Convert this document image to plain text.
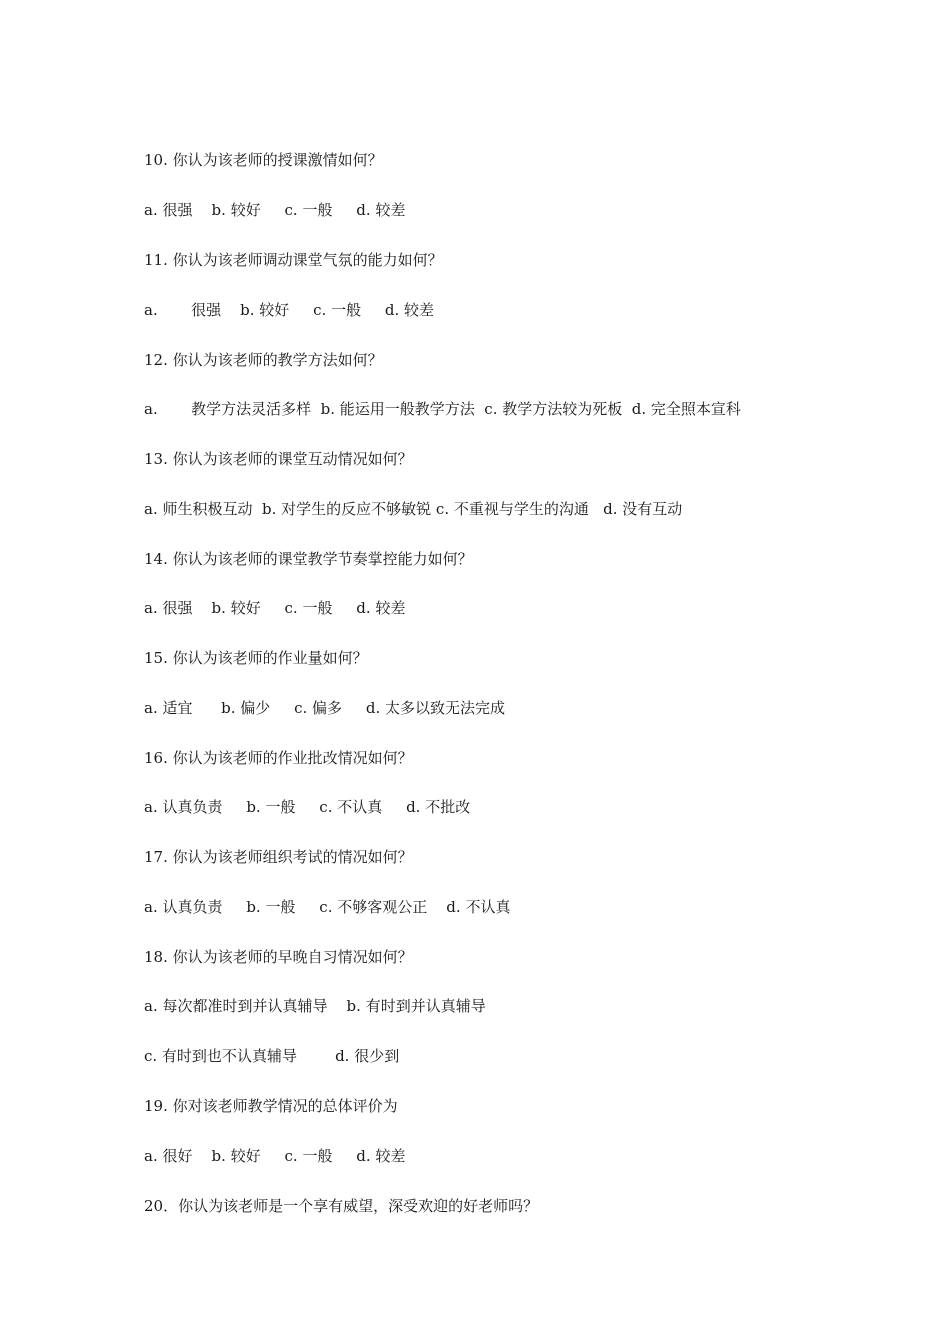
10. 你认为该老师的授课激情如何？
a. 很强    b. 较好     c. 一般     d. 较差
11. 你认为该老师调动课堂气氛的能力如何？
a.       很强    b. 较好     c. 一般     d. 较差
12. 你认为该老师的教学方法如何？
a.       教学方法灵活多样  b. 能运用一般教学方法  c. 教学方法较为死板  d. 完全照本宣科
13. 你认为该老师的课堂互动情况如何？
a. 师生积极互动  b. 对学生的反应不够敏锐 c. 不重视与学生的沟通   d. 没有互动
14. 你认为该老师的课堂教学节奏掌控能力如何？
a. 很强    b. 较好     c. 一般     d. 较差
15. 你认为该老师的作业量如何？
a. 适宜      b. 偏少     c. 偏多     d. 太多以致无法完成
16. 你认为该老师的作业批改情况如何？
a. 认真负责     b. 一般     c. 不认真     d. 不批改
17. 你认为该老师组织考试的情况如何？
a. 认真负责     b. 一般     c. 不够客观公正    d. 不认真
18. 你认为该老师的早晚自习情况如何？
a. 每次都准时到并认真辅导    b. 有时到并认真辅导
c. 有时到也不认真辅导        d. 很少到
19. 你对该老师教学情况的总体评价为
a. 很好    b. 较好     c. 一般     d. 较差
20．你认为该老师是一个享有威望，深受欢迎的好老师吗？
